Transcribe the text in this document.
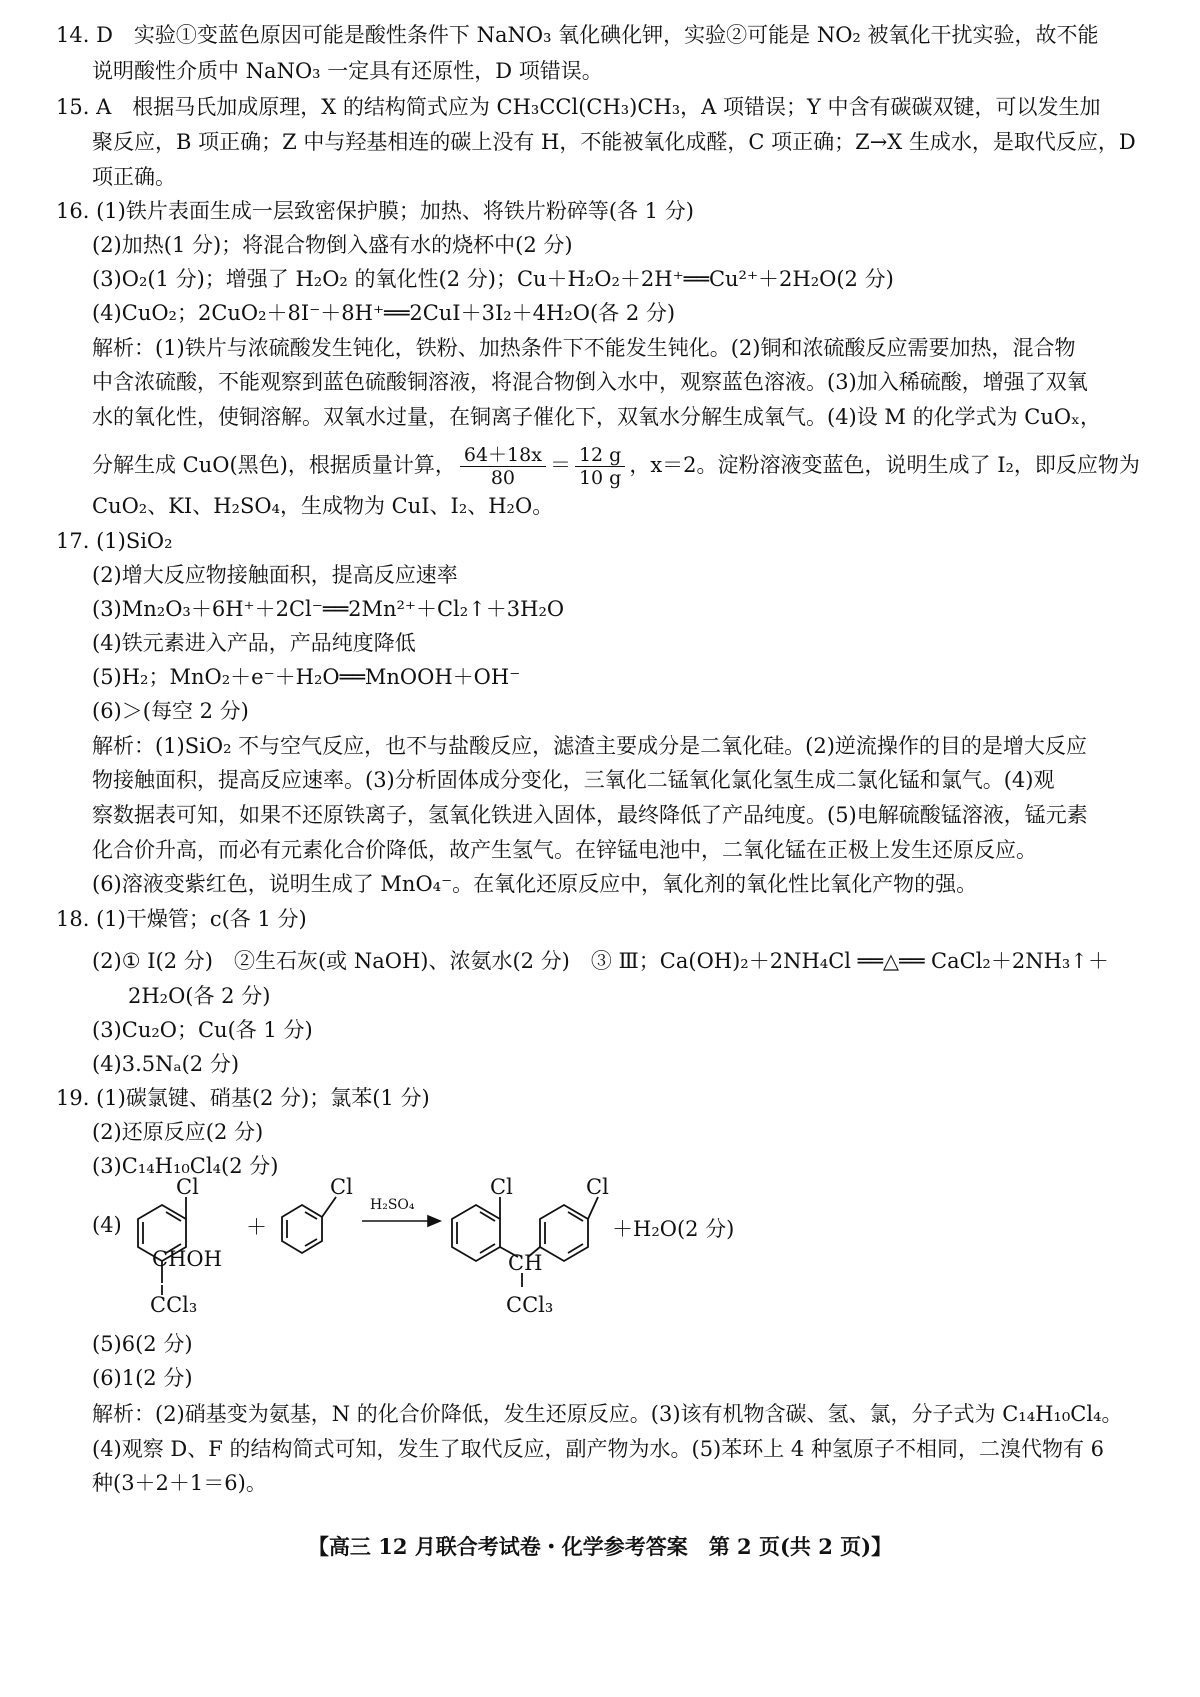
14. D　实验①变蓝色原因可能是酸性条件下 NaNO₃ 氧化碘化钾，实验②可能是 NO₂ 被氧化干扰实验，故不能
说明酸性介质中 NaNO₃ 一定具有还原性，D 项错误。
15. A　根据马氏加成原理，X 的结构简式应为 CH₃CCl(CH₃)CH₃，A 项错误；Y 中含有碳碳双键，可以发生加
聚反应，B 项正确；Z 中与羟基相连的碳上没有 H，不能被氧化成醛，C 项正确；Z→X 生成水，是取代反应，D
项正确。
16. (1)铁片表面生成一层致密保护膜；加热、将铁片粉碎等(各 1 分)
(2)加热(1 分)；将混合物倒入盛有水的烧杯中(2 分)
(3)O₂(1 分)；增强了 H₂O₂ 的氧化性(2 分)；Cu＋H₂O₂＋2H⁺══Cu²⁺＋2H₂O(2 分)
(4)CuO₂；2CuO₂＋8I⁻＋8H⁺══2CuI＋3I₂＋4H₂O(各 2 分)
解析：(1)铁片与浓硫酸发生钝化，铁粉、加热条件下不能发生钝化。(2)铜和浓硫酸反应需要加热，混合物
中含浓硫酸，不能观察到蓝色硫酸铜溶液，将混合物倒入水中，观察蓝色溶液。(3)加入稀硫酸，增强了双氧
水的氧化性，使铜溶解。双氧水过量，在铜离子催化下，双氧水分解生成氧气。(4)设 M 的化学式为 CuOₓ，
分解生成 CuO(黑色)，根据质量计算， $\frac{64+18x}{80} = \frac{12 g}{10 g}$ ，x＝2。淀粉溶液变蓝色，说明生成了 I₂，即反应物为
CuO₂、KI、H₂SO₄，生成物为 CuI、I₂、H₂O。
17. (1)SiO₂
(2)增大反应物接触面积，提高反应速率
(3)Mn₂O₃＋6H⁺＋2Cl⁻══2Mn²⁺＋Cl₂↑＋3H₂O
(4)铁元素进入产品，产品纯度降低
(5)H₂；MnO₂＋e⁻＋H₂O══MnOOH＋OH⁻
(6)＞(每空 2 分)
解析：(1)SiO₂ 不与空气反应，也不与盐酸反应，滤渣主要成分是二氧化硅。(2)逆流操作的目的是增大反应
物接触面积，提高反应速率。(3)分析固体成分变化，三氧化二锰氧化氯化氢生成二氯化锰和氯气。(4)观
察数据表可知，如果不还原铁离子，氢氧化铁进入固体，最终降低了产品纯度。(5)电解硫酸锰溶液，锰元素
化合价升高，而必有元素化合价降低，故产生氢气。在锌锰电池中，二氧化锰在正极上发生还原反应。
(6)溶液变紫红色，说明生成了 MnO₄⁻。在氧化还原反应中，氧化剂的氧化性比氧化产物的强。
18. (1)干燥管；c(各 1 分)
(2)① Ⅰ(2 分)　②生石灰(或 NaOH)、浓氨水(2 分)　③ Ⅲ；Ca(OH)₂＋2NH₄Cl ══△══ CaCl₂＋2NH₃↑＋
2H₂O(各 2 分)
(3)Cu₂O；Cu(各 1 分)
(4)3.5Nₐ(2 分)
19. (1)碳氯键、硝基(2 分)；氯苯(1 分)
(2)还原反应(2 分)
(3)C₁₄H₁₀Cl₄(2 分)
(4)
Cl
CHOH
CCl₃
＋
Cl
H₂SO₄
Cl	Cl
CH
CCl₃
＋H₂O(2 分)
(5)6(2 分)
(6)1(2 分)
解析：(2)硝基变为氨基，N 的化合价降低，发生还原反应。(3)该有机物含碳、氢、氯，分子式为 C₁₄H₁₀Cl₄。
(4)观察 D、F 的结构简式可知，发生了取代反应，副产物为水。(5)苯环上 4 种氢原子不相同，二溴代物有 6
种(3＋2＋1＝6)。
【高三 12 月联合考试卷・化学参考答案　第 2 页(共 2 页)】
